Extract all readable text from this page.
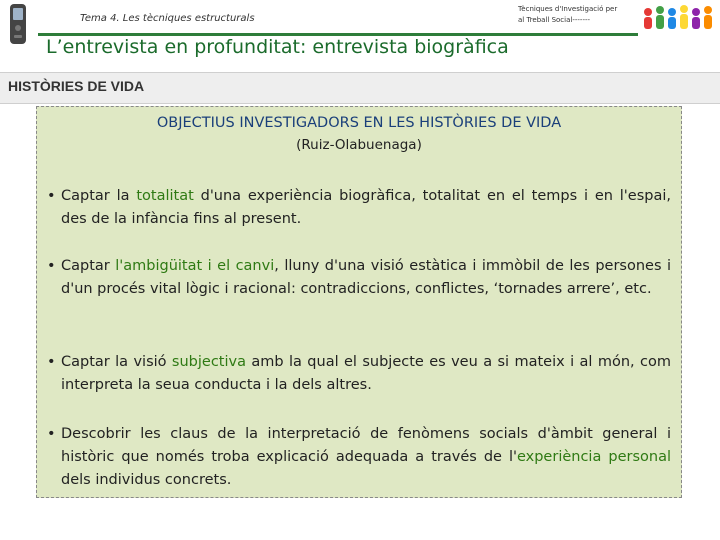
Tema 4. Les tècniques estructurals
Tècniques d'Investigació per
al Treball Social-------
L’entrevista en profunditat: entrevista biogràfica
HISTÒRIES DE VIDA
OBJECTIUS INVESTIGADORS EN LES HISTÒRIES DE VIDA
(Ruiz-Olabuenaga)
• Captar la totalitat d'una experiència biogràfica, totalitat en el temps i en l'espai, des de la infància fins al present.
• Captar l'ambigüitat i el canvi, lluny d'una visió estàtica i immòbil de les persones i d'un procés vital lògic i racional: contradiccions, conflictes, ‘tornades arrere’, etc.
• Captar la visió subjectiva amb la qual el subjecte es veu a si mateix i al món, com interpreta la seua conducta i la dels altres.
• Descobrir les claus de la interpretació de fenòmens socials d'àmbit general i històric que només troba explicació adequada a través de l'experiència personal dels individus concrets.
